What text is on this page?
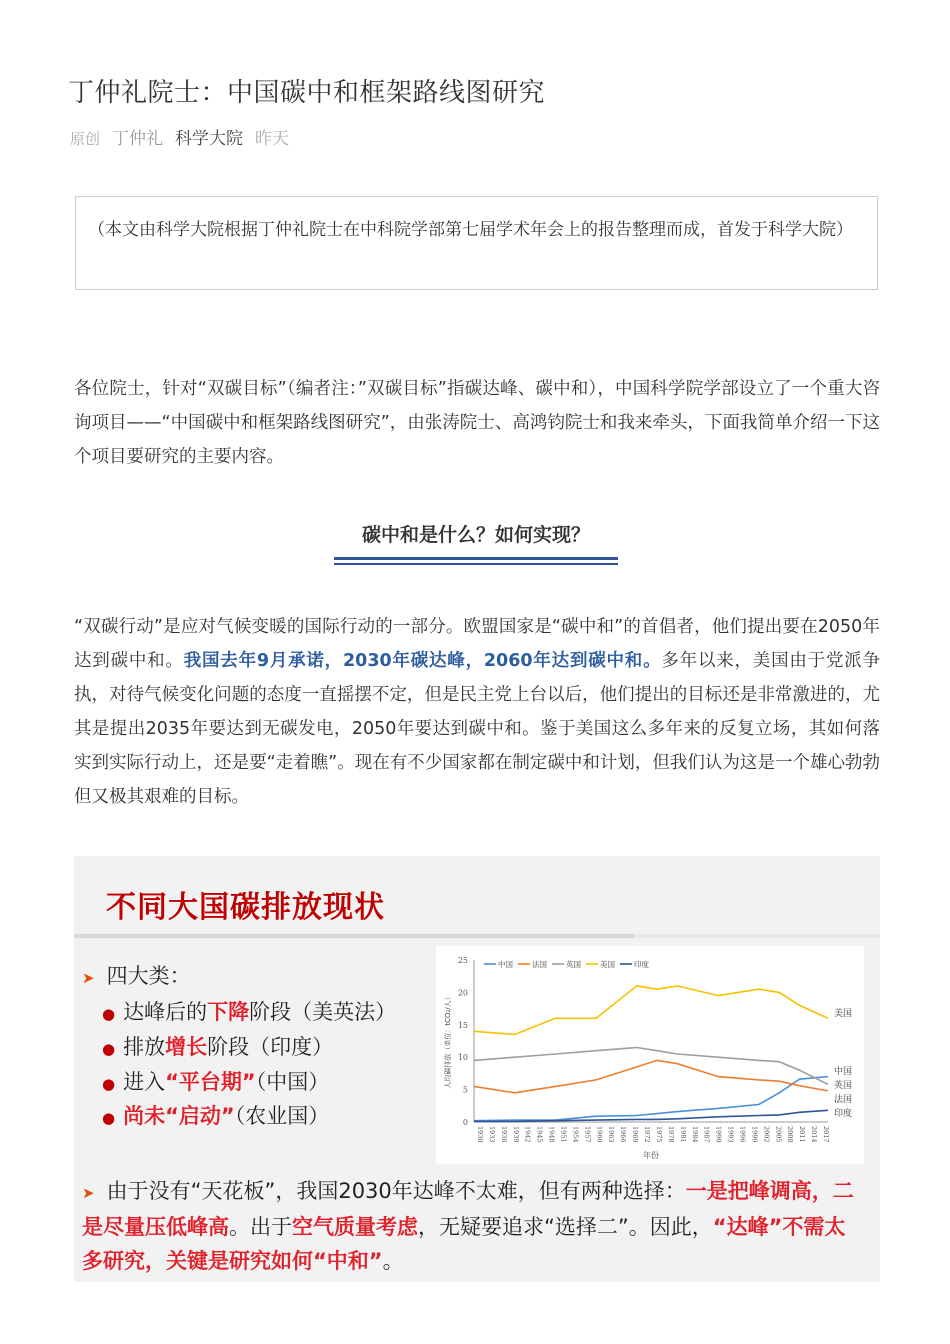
丁仲礼院士：中国碳中和框架路线图研究
原创 丁仲礼 科学大院 昨天
（本文由科学大院根据丁仲礼院士在中科院学部第七届学术年会上的报告整理而成，首发于科学大院）

各位院士，针对“双碳目标”（编者注：”双碳目标”指碳达峰、碳中和），中国科学院学部设立了一个重大咨询项目——“中国碳中和框架路线图研究”，由张涛院士、高鸿钧院士和我来牵头，下面我简单介绍一下这个项目要研究的主要内容。

碳中和是什么？如何实现？

“双碳行动”是应对气候变暖的国际行动的一部分。欧盟国家是“碳中和”的首倡者，他们提出要在2050年达到碳中和。我国去年9月承诺，2030年碳达峰，2060年达到碳中和。多年以来，美国由于党派争执，对待气候变化问题的态度一直摇摆不定，但是民主党上台以后，他们提出的目标还是非常激进的，尤其是提出2035年要达到无碳发电，2050年要达到碳中和。鉴于美国这么多年来的反复立场，其如何落实到实际行动上，还是要“走着瞧”。现在有不少国家都在制定碳中和计划，但我们认为这是一个雄心勃勃但又极其艰难的目标。

不同大国碳排放现状
➤ 四大类：
● 达峰后的下降阶段（美英法）
● 排放增长阶段（印度）
● 进入“平台期”（中国）
● 尚未“启动”（农业国）	0
5
10
15
20
25
1930 1933 1936 1939 1942 1945 1948 1951 1954 1957 1960 1963 1966 1969 1972 1975 1978 1981 1984 1987 1990 1993 1996 1999 2002 2005 2008 2011 2014 2017
年份
人均碳排放（单位：tCO₂/人）
中国	法国	英国	美国	印度
美国
中国
英国
法国
印度
➤ 由于没有“天花板”，我国2030年达峰不太难，但有两种选择：一是把峰调高，二是尽量压低峰高。出于空气质量考虑，无疑要追求“选择二”。因此，“达峰”不需太多研究，关键是研究如何“中和”。
